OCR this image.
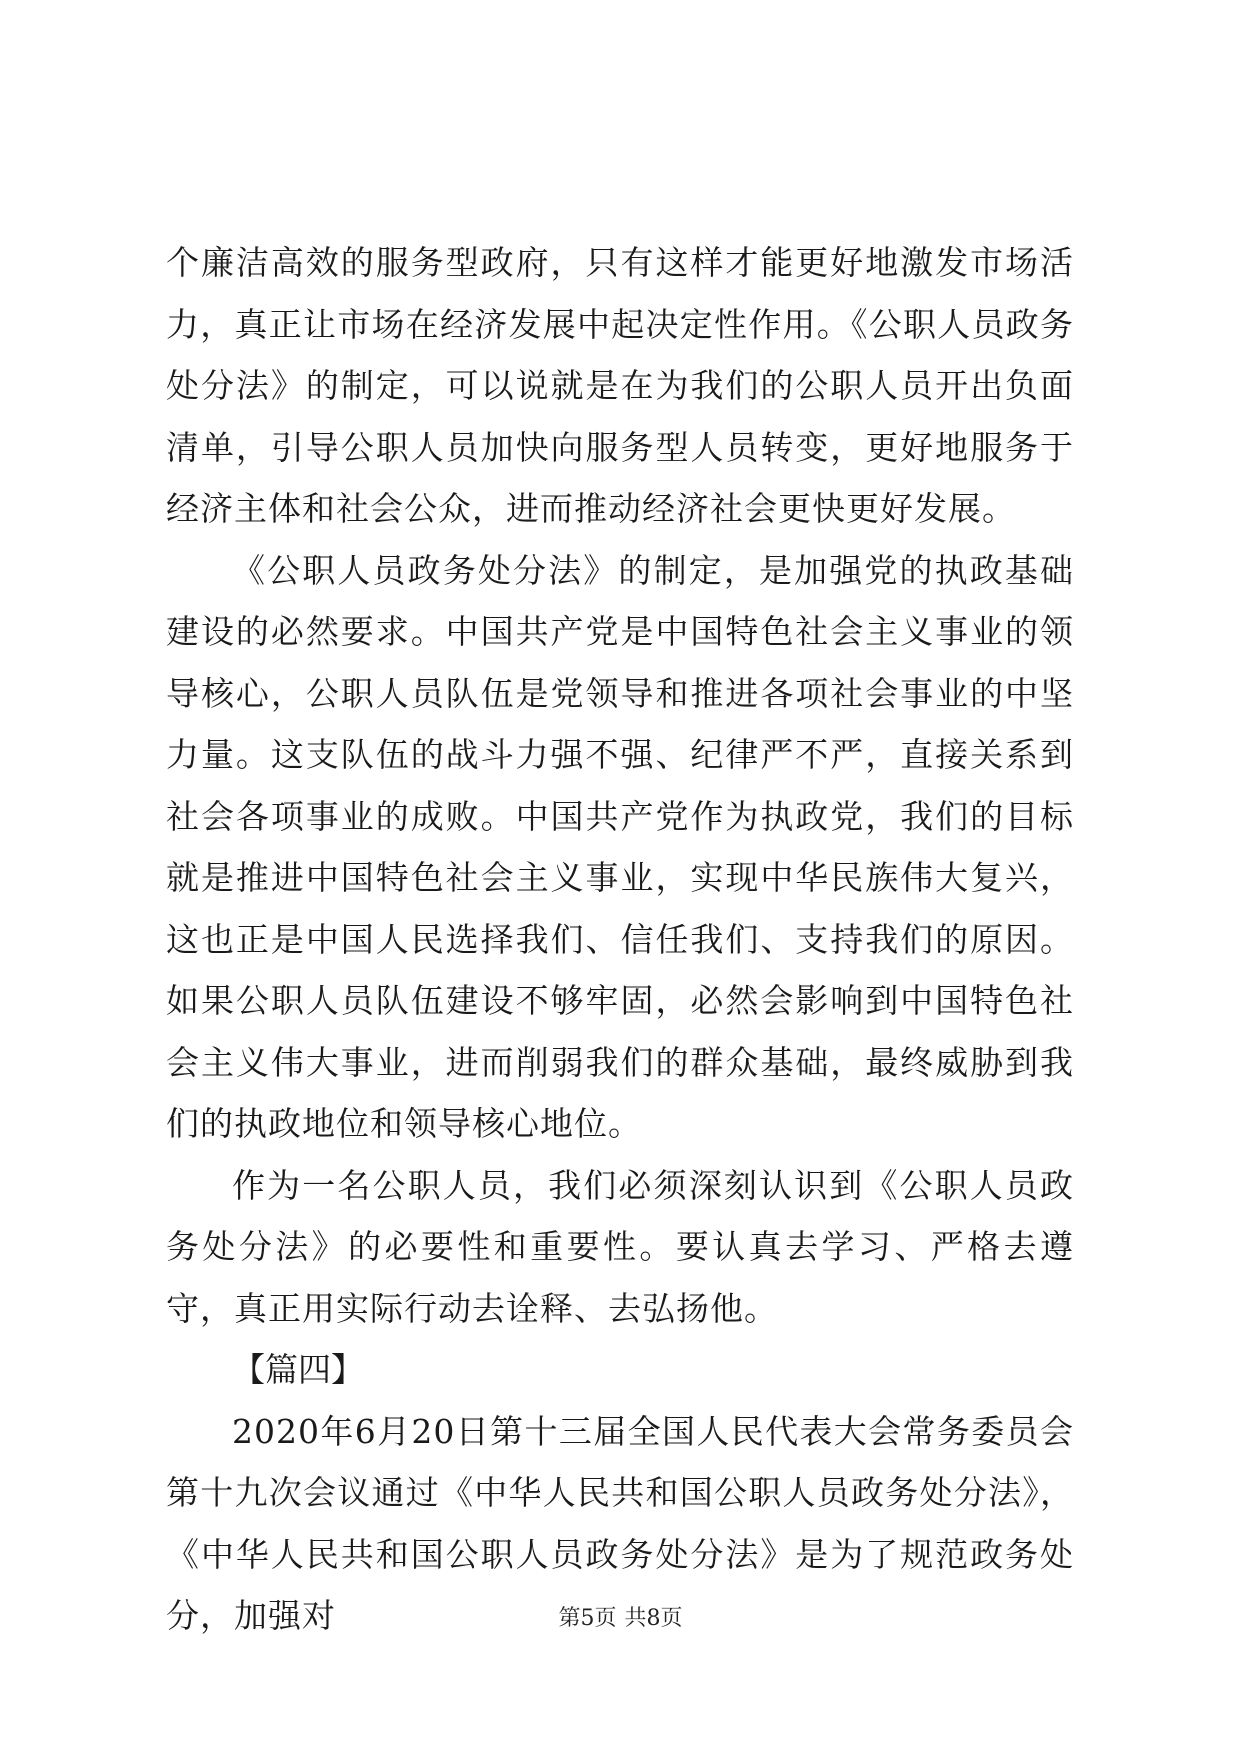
个廉洁高效的服务型政府，只有这样才能更好地激发市场活力，真正让市场在经济发展中起决定性作用。《公职人员政务处分法》的制定，可以说就是在为我们的公职人员开出负面清单，引导公职人员加快向服务型人员转变，更好地服务于经济主体和社会公众，进而推动经济社会更快更好发展。

《公职人员政务处分法》的制定，是加强党的执政基础建设的必然要求。中国共产党是中国特色社会主义事业的领导核心，公职人员队伍是党领导和推进各项社会事业的中坚力量。这支队伍的战斗力强不强、纪律严不严，直接关系到社会各项事业的成败。中国共产党作为执政党，我们的目标就是推进中国特色社会主义事业，实现中华民族伟大复兴，这也正是中国人民选择我们、信任我们、支持我们的原因。如果公职人员队伍建设不够牢固，必然会影响到中国特色社会主义伟大事业，进而削弱我们的群众基础，最终威胁到我们的执政地位和领导核心地位。

作为一名公职人员，我们必须深刻认识到《公职人员政务处分法》的必要性和重要性。要认真去学习、严格去遵守，真正用实际行动去诠释、去弘扬他。

【篇四】

2020年6月20日第十三届全国人民代表大会常务委员会第十九次会议通过《中华人民共和国公职人员政务处分法》，《中华人民共和国公职人员政务处分法》是为了规范政务处分，加强对	第5页 共8页
